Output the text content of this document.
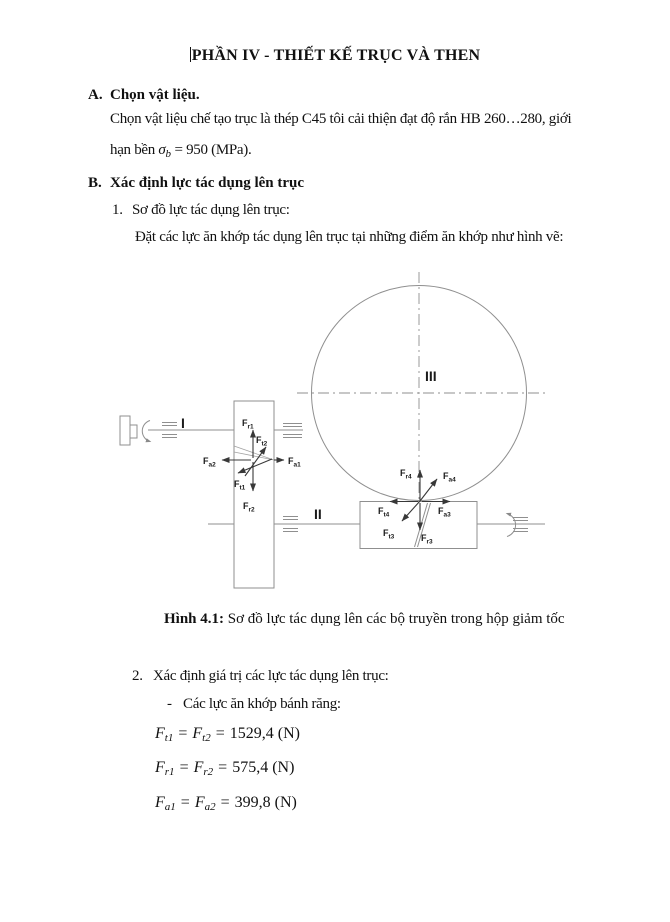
PHẦN IV - THIẾT KẾ TRỤC VÀ THEN
A. Chọn vật liệu.
Chọn vật liệu chế tạo trục là thép C45 tôi cải thiện đạt độ rắn HB 260…280, giới
hạn bền $\sigma_b = 950$ (MPa).
B. Xác định lực tác dụng lên trục
1. Sơ đồ lực tác dụng lên trục:
Đặt các lực ăn khớp tác dụng lên trục tại những điểm ăn khớp như hình vẽ:
III
I
II
$F_{r1}$
$F_{t2}$
$F_{a2}$	$F_{a1}$
$F_{t1}$
$F_{r2}$
$F_{r4}$	$F_{a4}$
$F_{t4}$	$F_{a3}$
$F_{t3}$	$F_{r3}$
Hình 4.1: Sơ đồ lực tác dụng lên các bộ truyền trong hộp giảm tốc
2. Xác định giá trị các lực tác dụng lên trục:
- Các lực ăn khớp bánh răng:
Ft1 = Ft2 = 1529,4 (N)
Fr1 = Fr2 = 575,4 (N)
Fa1 = Fa2 = 399,8 (N)
